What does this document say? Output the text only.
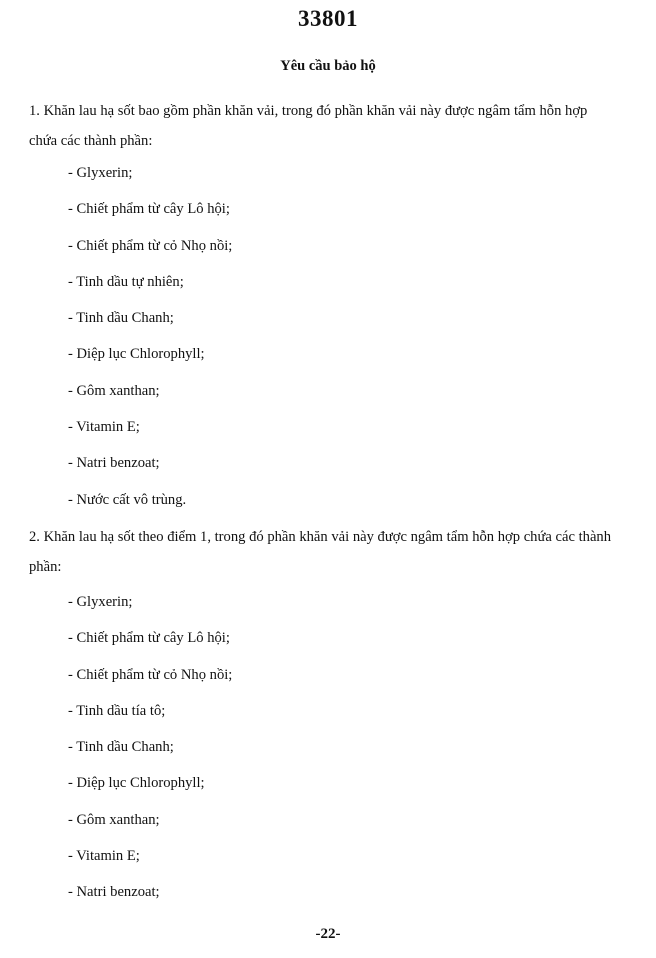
33801
Yêu cầu bảo hộ
1. Khăn lau hạ sốt bao gồm phần khăn vải, trong đó phần khăn vải này được ngâm tẩm hỗn hợp chứa các thành phần:
- Glyxerin;
- Chiết phẩm từ cây Lô hội;
- Chiết phẩm từ cỏ Nhọ nồi;
- Tinh dầu tự nhiên;
- Tinh dầu Chanh;
- Diệp lục Chlorophyll;
- Gôm xanthan;
- Vitamin E;
- Natri benzoat;
- Nước cất vô trùng.
2. Khăn lau hạ sốt theo điểm 1, trong đó phần khăn vải này được ngâm tẩm hỗn hợp chứa các thành phần:
- Glyxerin;
- Chiết phẩm từ cây Lô hội;
- Chiết phẩm từ cỏ Nhọ nồi;
- Tinh dầu tía tô;
- Tinh dầu Chanh;
- Diệp lục Chlorophyll;
- Gôm xanthan;
- Vitamin E;
- Natri benzoat;
-22-
